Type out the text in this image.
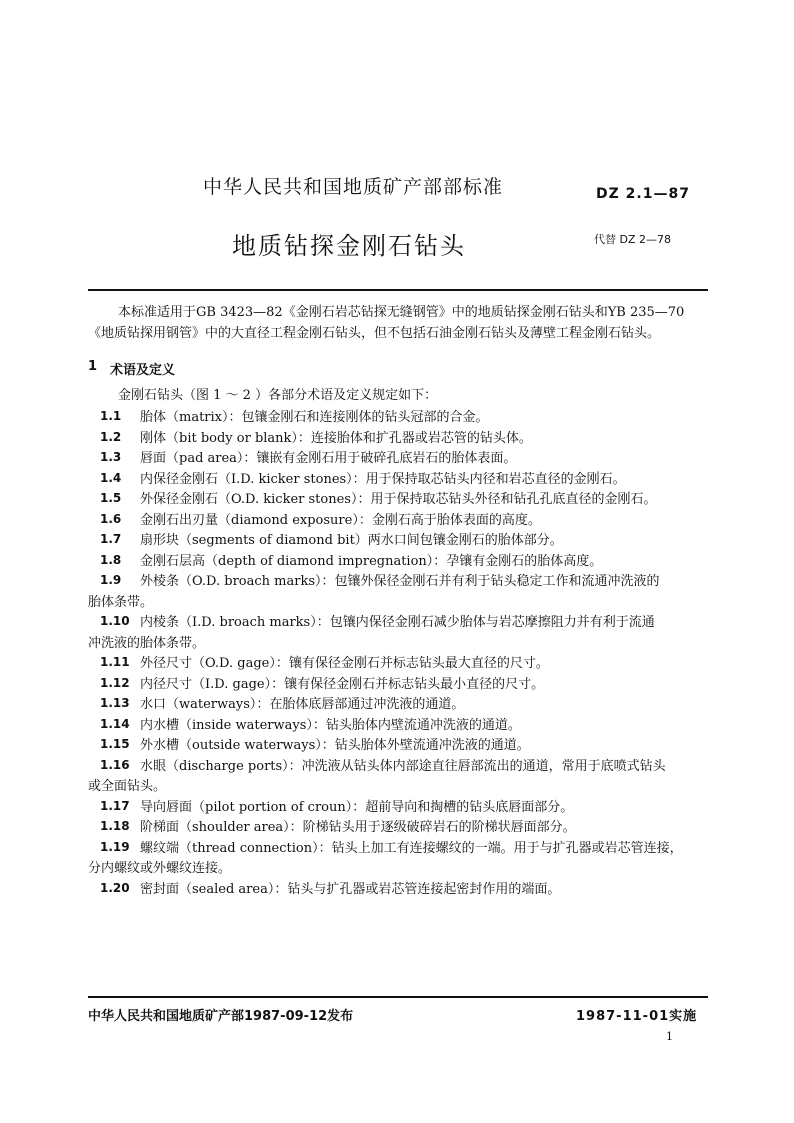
中华人民共和国地质矿产部部标准	DZ 2.1—87
地质钻探金刚石钻头	代替 DZ 2—78
本标准适用于GB 3423—82《金刚石岩芯钻探无缝钢管》中的地质钻探金刚石钻头和YB 235—70
《地质钻探用钢管》中的大直径工程金刚石钻头，但不包括石油金刚石钻头及薄壁工程金刚石钻头。
1 术语及定义
金刚石钻头（图 1 ～ 2 ）各部分术语及定义规定如下：
1.1 胎体（matrix）：包镶金刚石和连接刚体的钻头冠部的合金。
1.2 刚体（bit body or blank）：连接胎体和扩孔器或岩芯管的钻头体。
1.3 唇面（pad area）：镶嵌有金刚石用于破碎孔底岩石的胎体表面。
1.4 内保径金刚石（I.D. kicker stones）：用于保持取芯钻头内径和岩芯直径的金刚石。
1.5 外保径金刚石（O.D. kicker stones）：用于保持取芯钻头外径和钻孔孔底直径的金刚石。
1.6 金刚石出刃量（diamond exposure）：金刚石高于胎体表面的高度。
1.7 扇形块（segments of diamond bit）两水口间包镶金刚石的胎体部分。
1.8 金刚石层高（depth of diamond impregnation）：孕镶有金刚石的胎体高度。
1.9 外棱条（O.D. broach marks）：包镶外保径金刚石并有利于钻头稳定工作和流通冲洗液的
胎体条带。
1.10 内棱条（I.D. broach marks）：包镶内保径金刚石减少胎体与岩芯摩擦阻力并有利于流通
冲洗液的胎体条带。
1.11 外径尺寸（O.D. gage）：镶有保径金刚石并标志钻头最大直径的尺寸。
1.12 内径尺寸（I.D. gage）：镶有保径金刚石并标志钻头最小直径的尺寸。
1.13 水口（waterways）：在胎体底唇部通过冲洗液的通道。
1.14 内水槽（inside waterways）：钻头胎体内壁流通冲洗液的通道。
1.15 外水槽（outside waterways）：钻头胎体外壁流通冲洗液的通道。
1.16 水眼（discharge ports）：冲洗液从钻头体内部途直往唇部流出的通道，常用于底喷式钻头
或全面钻头。
1.17 导向唇面（pilot portion of croun）：超前导向和掏槽的钻头底唇面部分。
1.18 阶梯面（shoulder area）：阶梯钻头用于逐级破碎岩石的阶梯状唇面部分。
1.19 螺纹端（thread connection）：钻头上加工有连接螺纹的一端。用于与扩孔器或岩芯管连接，
分内螺纹或外螺纹连接。
1.20 密封面（sealed area）：钻头与扩孔器或岩芯管连接起密封作用的端面。
中华人民共和国地质矿产部1987-09-12发布	1987-11-01实施
1
